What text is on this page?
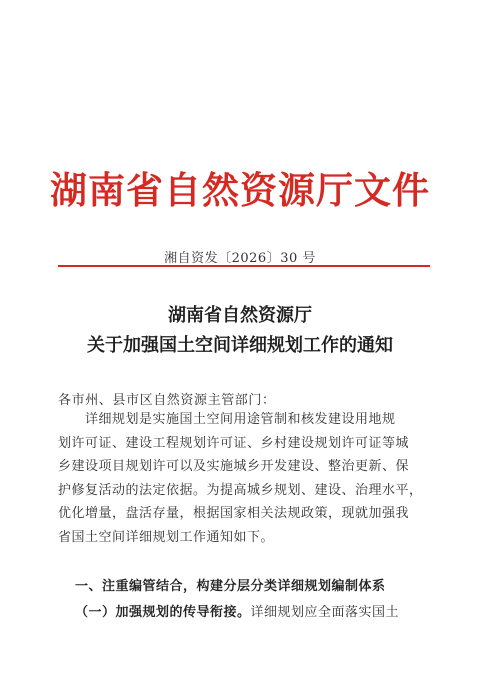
湖南省自然资源厅文件
湘自资发〔2026〕30 号
湖南省自然资源厅
关于加强国土空间详细规划工作的通知
各市州、县市区自然资源主管部门：
　　详细规划是实施国土空间用途管制和核发建设用地规
划许可证、建设工程规划许可证、乡村建设规划许可证等城
乡建设项目规划许可以及实施城乡开发建设、整治更新、保
护修复活动的法定依据。为提高城乡规划、建设、治理水平，
优化增量，盘活存量，根据国家相关法规政策，现就加强我
省国土空间详细规划工作通知如下。
一、注重编管结合，构建分层分类详细规划编制体系
（一）加强规划的传导衔接。详细规划应全面落实国土
